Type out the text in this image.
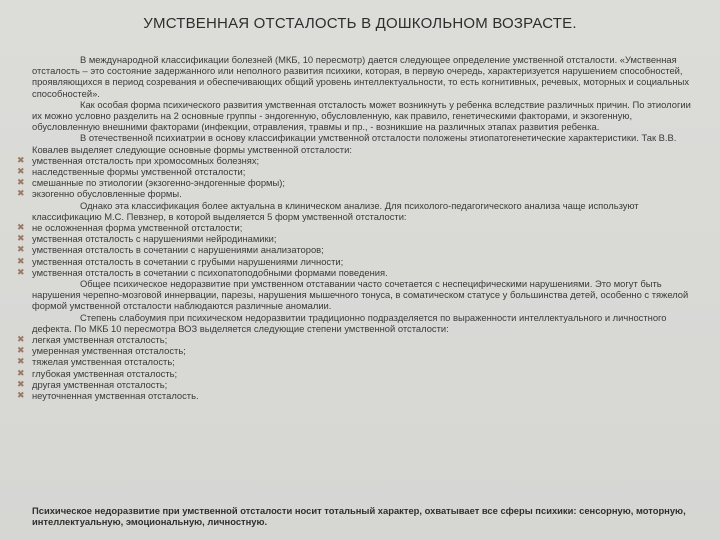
УМСТВЕННАЯ ОТСТАЛОСТЬ В ДОШКОЛЬНОМ ВОЗРАСТЕ.

В международной классификации болезней (МКБ, 10 пересмотр) дается следующее определение умственной отсталости. «Умственная отсталость – это состояние задержанного или неполного развития психики, которая, в первую очередь, характеризуется нарушением способностей, проявляющихся в период созревания и обеспечивающих общий уровень интеллектуальности, то есть когнитивных, речевых, моторных и социальных способностей».

Как особая форма психического развития умственная отсталость может возникнуть у ребенка вследствие различных причин. По этиологии их можно условно разделить на 2 основные группы - эндогенную, обусловленную, как правило, генетическими факторами, и экзогенную, обусловленную внешними факторами (инфекции, отравления, травмы и пр., - возникшие на различных этапах развития ребенка.

В отечественной психиатрии в основу классификации умственной отсталости положены этиопатогенетические характеристики. Так В.В. Ковалев выделяет следующие основные формы умственной отсталости:

✖ умственная отсталость при хромосомных болезнях;
✖ наследственные формы умственной отсталости;
✖ смешанные по этиологии (экзогенно-эндогенные формы);
✖ экзогенно обусловленные формы.

Однако эта классификация более актуальна в клиническом анализе. Для психолого-педагогического анализа чаще используют классификацию М.С. Певзнер, в которой выделяется 5 форм умственной отсталости:

✖ не осложненная форма умственной отсталости;
✖ умственная отсталость с нарушениями нейродинамики;
✖ умственная отсталость в сочетании с нарушениями анализаторов;
✖ умственная отсталость в сочетании с грубыми нарушениями личности;
✖ умственная отсталость в сочетании с психопатоподобными формами поведения.

Общее психическое недоразвитие при умственном отставании часто сочетается с неспецифическими нарушениями. Это могут быть нарушения черепно-мозговой иннервации, парезы, нарушения мышечного тонуса, в соматическом статусе у большинства детей, особенно с тяжелой формой умственной отсталости наблюдаются различные аномалии.

Степень слабоумия при психическом недоразвитии традиционно подразделяется по выраженности интеллектуального и личностного дефекта. По МКБ 10 пересмотра ВОЗ выделяется следующие степени умственной отсталости:

✖ легкая умственная отсталость;
✖ умеренная умственная отсталость;
✖ тяжелая умственная отсталость;
✖ глубокая умственная отсталость;
✖ другая умственная отсталость;
✖ неуточненная умственная отсталость.
Психическое недоразвитие при умственной отсталости носит тотальный характер, охватывает все сферы психики: сенсорную, моторную, интеллектуальную, эмоциональную, личностную.
